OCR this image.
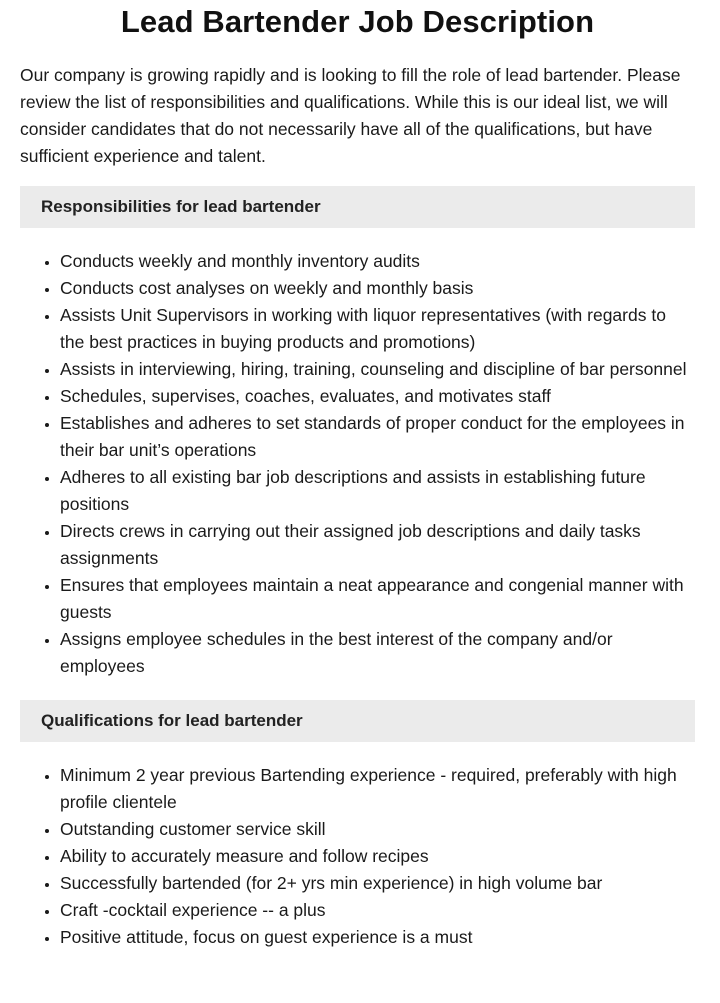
Lead Bartender Job Description

Our company is growing rapidly and is looking to fill the role of lead bartender. Please review the list of responsibilities and qualifications. While this is our ideal list, we will consider candidates that do not necessarily have all of the qualifications, but have sufficient experience and talent.

Responsibilities for lead bartender
• Conducts weekly and monthly inventory audits
• Conducts cost analyses on weekly and monthly basis
• Assists Unit Supervisors in working with liquor representatives (with regards to the best practices in buying products and promotions)
• Assists in interviewing, hiring, training, counseling and discipline of bar personnel
• Schedules, supervises, coaches, evaluates, and motivates staff
• Establishes and adheres to set standards of proper conduct for the employees in their bar unit’s operations
• Adheres to all existing bar job descriptions and assists in establishing future positions
• Directs crews in carrying out their assigned job descriptions and daily tasks assignments
• Ensures that employees maintain a neat appearance and congenial manner with guests
• Assigns employee schedules in the best interest of the company and/or employees
Qualifications for lead bartender
• Minimum 2 year previous Bartending experience - required, preferably with high profile clientele
• Outstanding customer service skill
• Ability to accurately measure and follow recipes
• Successfully bartended (for 2+ yrs min experience) in high volume bar
• Craft -cocktail experience -- a plus
• Positive attitude, focus on guest experience is a must
